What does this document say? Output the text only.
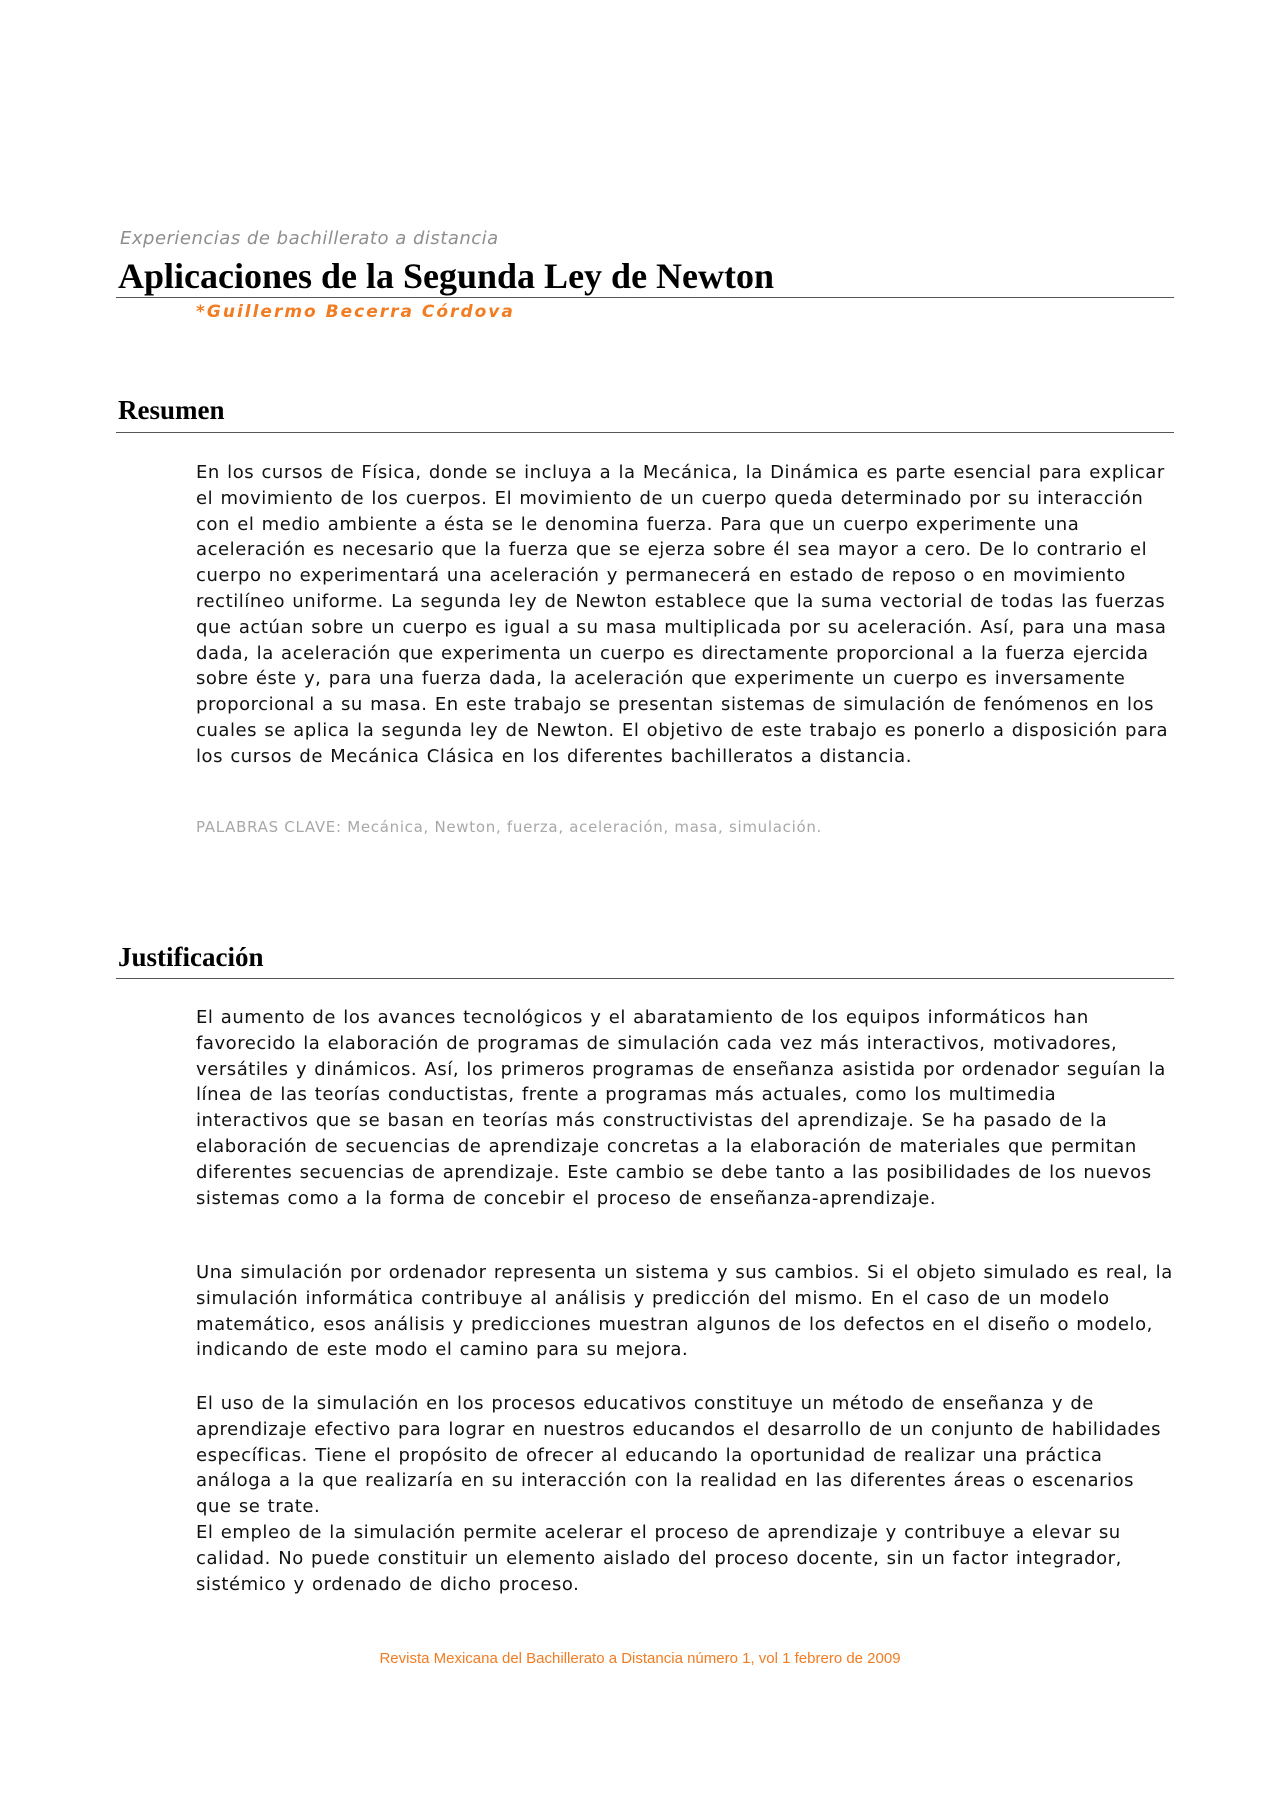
Experiencias de bachillerato a distancia
Aplicaciones de la Segunda Ley de Newton
*Guillermo Becerra Córdova
Resumen

En los cursos de Física, donde se incluya a la Mecánica, la Dinámica es parte esencial para explicar el movimiento de los cuerpos. El movimiento de un cuerpo queda determinado por su interacción con el medio ambiente a ésta se le denomina fuerza. Para que un cuerpo experimente una aceleración es necesario que la fuerza que se ejerza sobre él sea mayor a cero. De lo contrario el cuerpo no experimentará una aceleración y permanecerá en estado de reposo o en movimiento rectilíneo uniforme. La segunda ley de Newton establece que la suma vectorial de todas las fuerzas que actúan sobre un cuerpo es igual a su masa multiplicada por su aceleración. Así, para una masa dada, la aceleración que experimenta un cuerpo es directamente proporcional a la fuerza ejercida sobre éste y, para una fuerza dada, la aceleración que experimente un cuerpo es inversamente proporcional a su masa. En este trabajo se presentan sistemas de simulación de fenómenos en los cuales se aplica la segunda ley de Newton. El objetivo de este trabajo es ponerlo a disposición para los cursos de Mecánica Clásica en los diferentes bachilleratos a distancia.

PALABRAS CLAVE: Mecánica, Newton, fuerza, aceleración, masa, simulación.
Justificación

El aumento de los avances tecnológicos y el abaratamiento de los equipos informáticos han favorecido la elaboración de programas de simulación cada vez más interactivos, motivadores, versátiles y dinámicos. Así, los primeros programas de enseñanza asistida por ordenador seguían la línea de las teorías conductistas, frente a programas más actuales, como los multimedia interactivos que se basan en teorías más constructivistas del aprendizaje. Se ha pasado de la elaboración de secuencias de aprendizaje concretas a la elaboración de materiales que permitan diferentes secuencias de aprendizaje. Este cambio se debe tanto a las posibilidades de los nuevos sistemas como a la forma de concebir el proceso de enseñanza-aprendizaje.

Una simulación por ordenador representa un sistema y sus cambios. Si el objeto simulado es real, la simulación informática contribuye al análisis y predicción del mismo. En el caso de un modelo matemático, esos análisis y predicciones muestran algunos de los defectos en el diseño o modelo, indicando de este modo el camino para su mejora.

El uso de la simulación en los procesos educativos constituye un método de enseñanza y de aprendizaje efectivo para lograr en nuestros educandos el desarrollo de un conjunto de habilidades específicas. Tiene el propósito de ofrecer al educando la oportunidad de realizar una práctica análoga a la que realizaría en su interacción con la realidad en las diferentes áreas o escenarios que se trate.

El empleo de la simulación permite acelerar el proceso de aprendizaje y contribuye a elevar su calidad. No puede constituir un elemento aislado del proceso docente, sin un factor integrador, sistémico y ordenado de dicho proceso.

Revista Mexicana del Bachillerato a Distancia número 1, vol 1 febrero de 2009
